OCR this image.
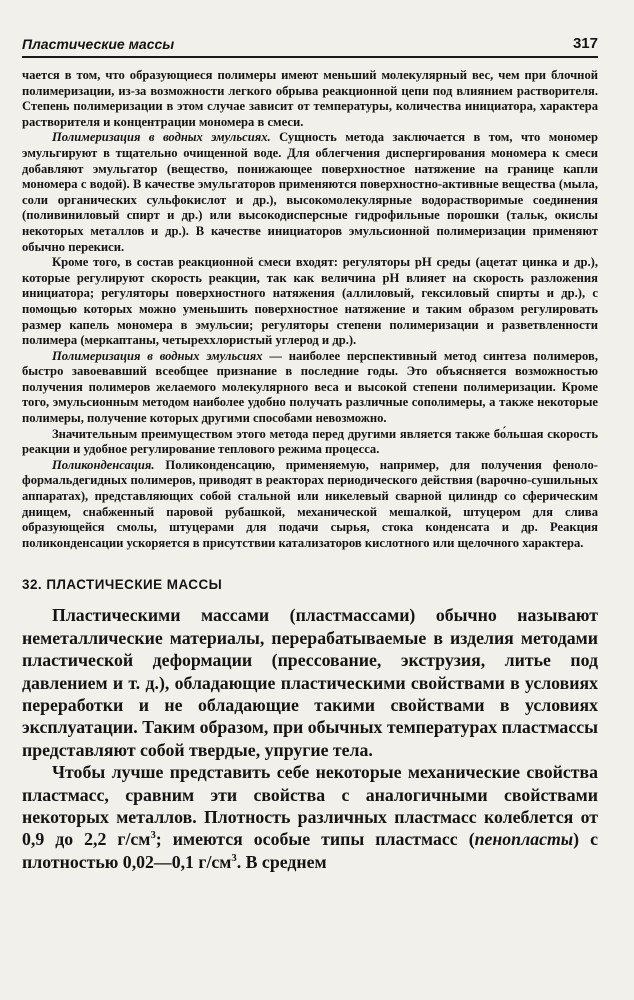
Пластические массы	317

чается в том, что образующиеся полимеры имеют меньший молекулярный вес, чем при блочной полимеризации, из-за возможности легкого обрыва реакционной цепи под влиянием растворителя. Степень полимеризации в этом случае зависит от температуры, количества инициатора, характера растворителя и концентрации мономера в смеси.

Полимеризация в водных эмульсиях. Сущность метода заключается в том, что мономер эмульгируют в тщательно очищенной воде. Для облегчения диспергирования мономера к смеси добавляют эмульгатор (вещество, понижающее поверхностное натяжение на границе капли мономера с водой). В качестве эмульгаторов применяются поверхностно-активные вещества (мыла, соли органических сульфокислот и др.), высокомолекулярные водорастворимые соединения (поливиниловый спирт и др.) или высокодисперсные гидрофильные порошки (тальк, окислы некоторых металлов и др.). В качестве инициаторов эмульсионной полимеризации применяют обычно перекиси.

Кроме того, в состав реакционной смеси входят: регуляторы pH среды (ацетат цинка и др.), которые регулируют скорость реакции, так как величина pH влияет на скорость разложения инициатора; регуляторы поверхностного натяжения (аллиловый, гексиловый спирты и др.), с помощью которых можно уменьшить поверхностное натяжение и таким образом регулировать размер капель мономера в эмульсии; регуляторы степени полимеризации и разветвленности полимера (меркаптаны, четыреххлористый углерод и др.).

Полимеризация в водных эмульсиях — наиболее перспективный метод синтеза полимеров, быстро завоевавший всеобщее признание в последние годы. Это объясняется возможностью получения полимеров желаемого молекулярного веса и высокой степени полимеризации. Кроме того, эмульсионным методом наиболее удобно получать различные сополимеры, а также некоторые полимеры, получение которых другими способами невозможно.

Значительным преимуществом этого метода перед другими является также бо́льшая скорость реакции и удобное регулирование теплового режима процесса.

Поликонденсация. Поликонденсацию, применяемую, например, для получения феноло-формальдегидных полимеров, приводят в реакторах периодического действия (варочно-сушильных аппаратах), представляющих собой стальной или никелевый сварной цилиндр со сферическим днищем, снабженный паровой рубашкой, механической мешалкой, штуцером для слива образующейся смолы, штуцерами для подачи сырья, стока конденсата и др. Реакция поликонденсации ускоряется в присутствии катализаторов кислотного или щелочного характера.

32. ПЛАСТИЧЕСКИЕ МАССЫ

Пластическими массами (пластмассами) обычно называют неметаллические материалы, перерабатываемые в изделия методами пластической деформации (прессование, экструзия, литье под давлением и т. д.), обладающие пластическими свойствами в условиях переработки и не обладающие такими свойствами в условиях эксплуатации. Таким образом, при обычных температурах пластмассы представляют собой твердые, упругие тела.

Чтобы лучше представить себе некоторые механические свойства пластмасс, сравним эти свойства с аналогичными свойствами некоторых металлов. Плотность различных пластмасс колеблется от 0,9 до 2,2 $г/см^3$; имеются особые типы пластмасс (пенопласты) с плотностью 0,02—0,1 $г/см^3$. В среднем
